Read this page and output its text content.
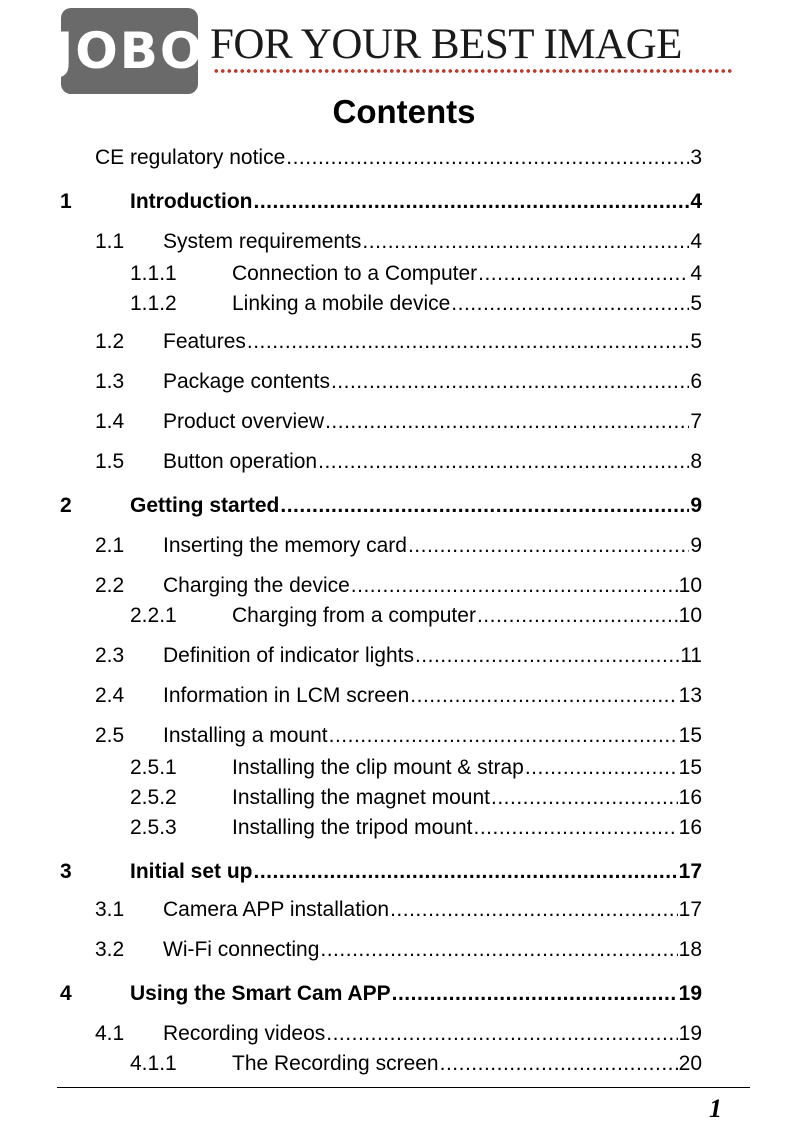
JOBO FOR YOUR BEST IMAGE
Contents
CE regulatory notice .....	3
1	Introduction .....	4
1.1	System requirements .....	4
1.1.1	Connection to a Computer .....	4
1.1.2	Linking a mobile device .....	5
1.2	Features .....	5
1.3	Package contents .....	6
1.4	Product overview .....	7
1.5	Button operation .....	8
2	Getting started .....	9
2.1	Inserting the memory card .....	9
2.2	Charging the device .....	10
2.2.1	Charging from a computer .....	10
2.3	Definition of indicator lights .....	11
2.4	Information in LCM screen .....	13
2.5	Installing a mount .....	15
2.5.1	Installing the clip mount & strap .....	15
2.5.2	Installing the magnet mount .....	16
2.5.3	Installing the tripod mount .....	16
3	Initial set up .....	17
3.1	Camera APP installation .....	17
3.2	Wi-Fi connecting .....	18
4	Using the Smart Cam APP .....	19
4.1	Recording videos .....	19
4.1.1	The Recording screen .....	20
1
